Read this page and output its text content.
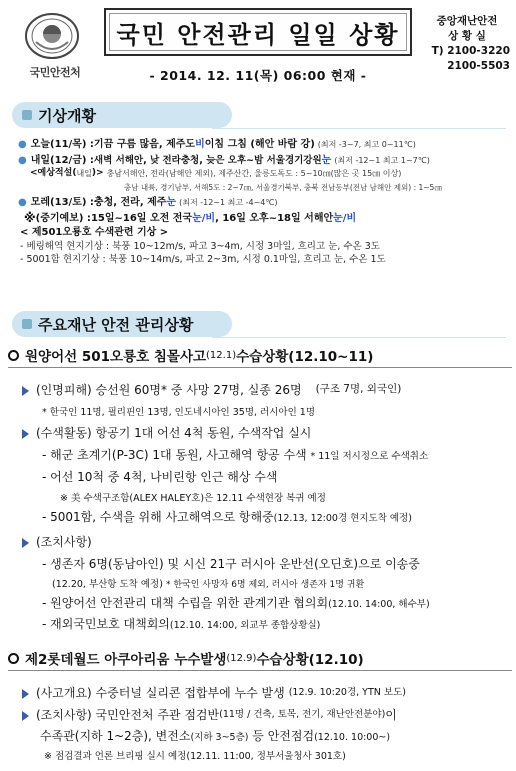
국민안전처
국민 안전관리 일일 상황
- 2014. 12. 11(목) 06:00 현재 -
중앙재난안전
상 황 실
T) 2100-3220
2100-5503
기상개황
● 오늘(11/목) : 기끔 구름 많음, 제주도 비 이침 그침 (해안 바람 강) (최저 -3~7, 최고 0~11℃)
● 내일(12/금) : 새벽 서해안, 낮 전라충청, 늦은 오후~밤 서울경기강원 눈 (최저 -12~1 최고 1~7℃)
<예상적설( 내일 )> 충남서해안, 전라(남해안 제외), 제주산간, 울릉도독도 : 5~10㎝(많은 곳 15㎝ 이상)
충남 내륙, 경기남부, 서해5도 : 2~7㎝, 서울경기북부, 충북 전남동부(전남 남해안 제외) : 1~5㎝
● 모레(13/토) : 충청, 전라, 제주 눈 (최저 -12~1 최고 -4~4℃)
※ (중기예보) : 15일~16일 오전 전국 눈/비 , 16일 오후~18일 서해안 눈/비
< 제501오룡호 수색관련 기상 >
- 베링해역 현지기상 : 북풍 10~12m/s, 파고 3~4m, 시정 3마일, 흐리고 눈, 수온 3도
- 5001함 현지기상 : 북풍 10~14m/s, 파고 2~3m, 시정 0.1마일, 흐리고 눈, 수온 1도
주요재난 안전 관리상황
원양어선 501오룡호 침몰사고 (12.1) 수습상황(12.10~11)
(인명피해) 승선원 60명* 중 사망 27명, 실종 26명 (구조 7명, 외국인)
* 한국인 11명, 필리핀인 13명, 인도네시아인 35명, 러시아인 1명
(수색활동) 항공기 1대 어선 4척 동원, 수색작업 실시
- 해군 초계기(P-3C) 1대 동원, 사고해역 항공 수색 * 11일 저시정으로 수색취소
- 어선 10척 중 4척, 나비린항 인근 해상 수색
※ 美 수색구조함(ALEX HALEY호)은 12.11 수색현장 복귀 예정
- 5001함, 수색을 위해 사고해역으로 항해중(12.13, 12:00경 현지도착 예정)
(조치사항)
- 생존자 6명(동남아인) 및 시신 21구 러시아 운반선(오딘호)으로 이송중
(12.20, 부산항 도착 예정) * 한국인 사망자 6명 제외, 러시아 생존자 1명 귀환
- 원양어선 안전관리 대책 수립을 위한 관계기관 협의회(12.10. 14:00, 해수부)
- 재외국민보호 대책회의(12.10. 14:00, 외교부 종합상황실)
제2롯데월드 아쿠아리움 누수발생 (12.9) 수습상황(12.10)
(사고개요) 수중터널 실리콘 접합부에 누수 발생 (12.9. 10:20경, YTN 보도)
(조치사항) 국민안전처 주관 점검반 (11명 / 건축, 토목, 전기, 재난안전분야) 이
수족관(지하 1~2층), 변전소(지하 3~5층) 등 안전점검(12.10. 10:00~)
※ 점검결과 언론 브리핑 실시 예정(12.11. 11:00, 정부서울청사 301호)
